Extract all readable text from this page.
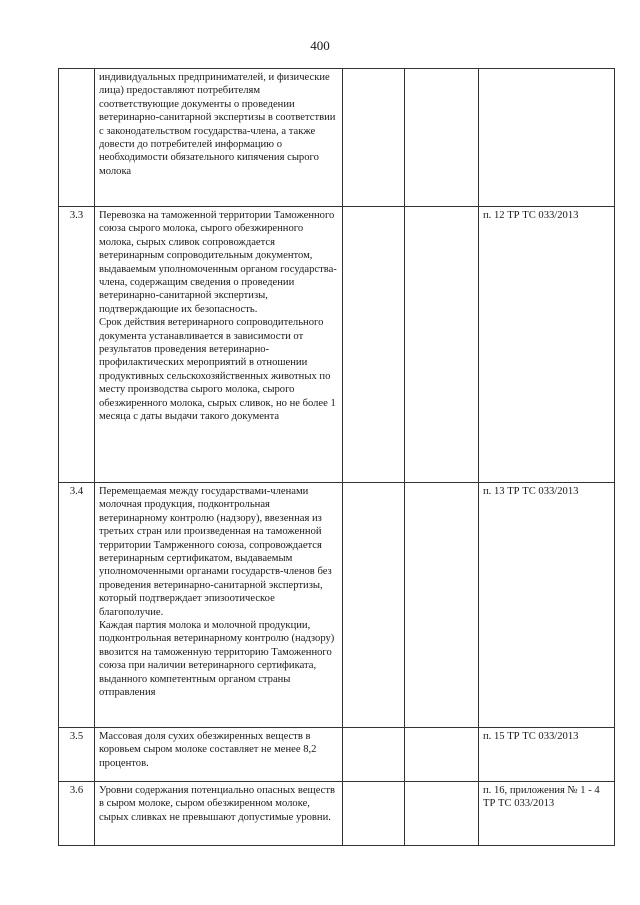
400

	индивидуальных предпринимателей, и физические лица) предоставляют потребителям соответствующие документы о проведении ветеринарно-санитарной экспертизы в соответствии с законодательством государства-члена, а также довести до потребителей информацию о необходимости обязательного кипячения сырого молока			

3.3	Перевозка на таможенной территории Таможенного союза сырого молока, сырого обезжиренного молока, сырых сливок сопровождается ветеринарным сопроводительным документом, выдаваемым уполномоченным органом государства-члена, содержащим сведения о проведении ветеринарно-санитарной экспертизы, подтверждающие их безопасность.
Срок действия ветеринарного сопроводительного документа устанавливается в зависимости от результатов проведения ветеринарно-профилактических мероприятий в отношении продуктивных сельскохозяйственных животных по месту производства сырого молока, сырого обезжиренного молока, сырых сливок, но не более 1 месяца с даты выдачи такого документа			п. 12 ТР ТС 033/2013
3.4	Перемещаемая между государствами-членами молочная продукция, подконтрольная ветеринарному контролю (надзору), ввезенная из третьих стран или произведенная на таможенной территории Тамрженного союза, сопровождается ветеринарным сертификатом, выдаваемым уполномоченными органами государств-членов без проведения ветеринарно-санитарной экспертизы, который подтверждает эпизоотическое благополучие.
Каждая партия молока и молочной продукции, подконтрольная ветеринарному контролю (надзору) ввозится на таможенную территорию Таможенного союза при наличии ветеринарного сертификата, выданного компетентным органом страны отправления			п. 13 ТР ТС 033/2013
3.5	Массовая доля сухих обезжиренных веществ в коровьем сыром молоке составляет не менее 8,2 процентов.			п. 15 ТР ТС 033/2013
3.6	Уровни содержания потенциально опасных веществ в сыром молоке, сыром обезжиренном молоке, сырых сливках не превышают допустимые уровни.			п. 16, приложения № 1 - 4 ТР ТС 033/2013
